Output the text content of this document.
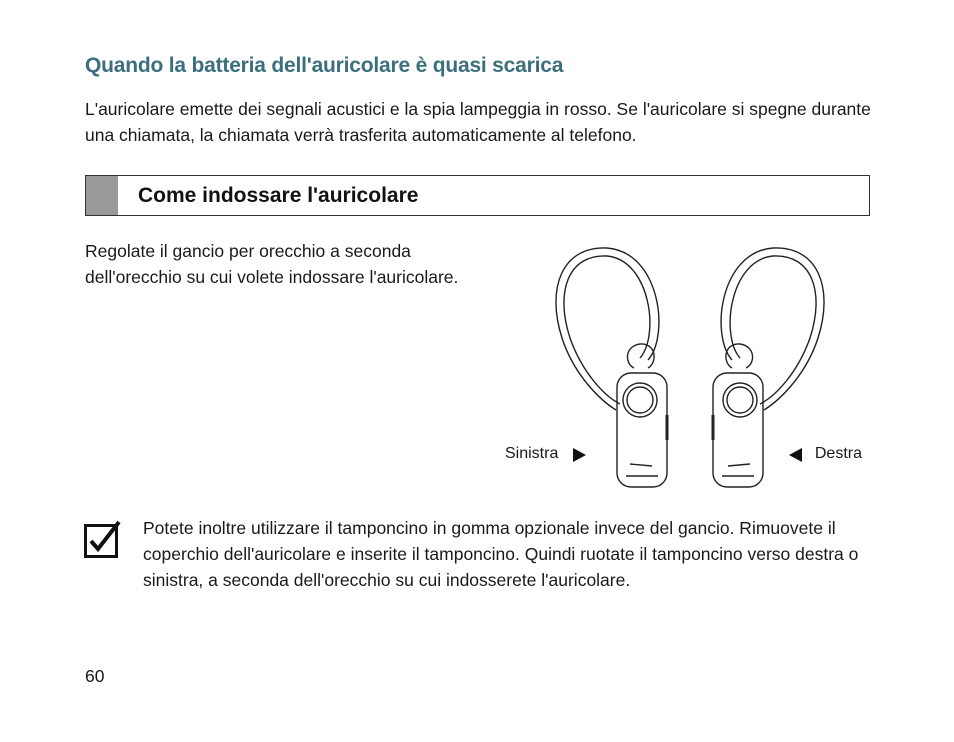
Quando la batteria dell'auricolare è quasi scarica

L'auricolare emette dei segnali acustici e la spia lampeggia in rosso. Se l'auricolare si spegne durante una chiamata, la chiamata verrà trasferita automaticamente al telefono.

Come indossare l'auricolare

Regolate il gancio per orecchio a seconda dell'orecchio su cui volete indossare l'auricolare.

Sinistra	Destra

Potete inoltre utilizzare il tamponcino in gomma opzionale invece del gancio. Rimuovete il coperchio dell'auricolare e inserite il tamponcino. Quindi ruotate il tamponcino verso destra o sinistra, a seconda dell'orecchio su cui indosserete l'auricolare.

60
